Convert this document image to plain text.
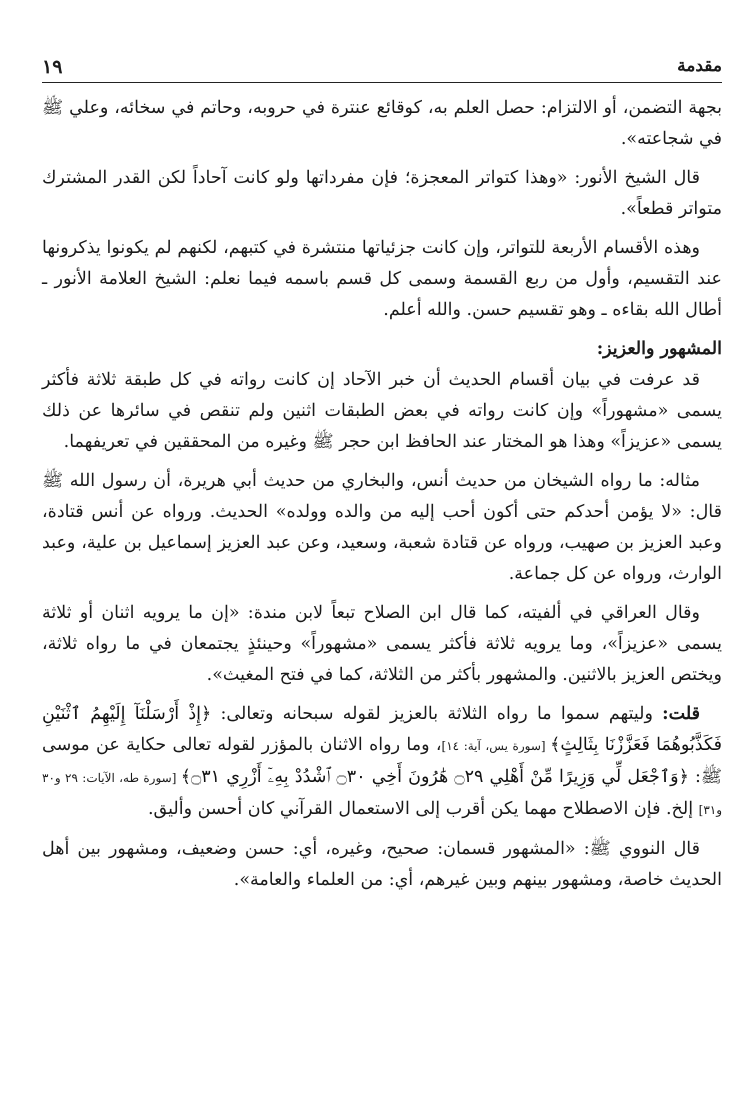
١٩	مقدمة

بجهة التضمن، أو الالتزام: حصل العلم به، كوقائع عنترة في حروبه، وحاتم في سخائه، وعلي ﷺ في شجاعته».

قال الشيخ الأنور: «وهذا كتواتر المعجزة؛ فإن مفرداتها ولو كانت آحاداً لكن القدر المشترك متواتر قطعاً».

وهذه الأقسام الأربعة للتواتر، وإن كانت جزئياتها منتشرة في كتبهم، لكنهم لم يكونوا يذكرونها عند التقسيم، وأول من ربع القسمة وسمى كل قسم باسمه فيما نعلم: الشيخ العلامة الأنور ـ أطال الله بقاءه ـ وهو تقسيم حسن. والله أعلم.

المشهور والعزيز:

قد عرفت في بيان أقسام الحديث أن خبر الآحاد إن كانت رواته في كل طبقة ثلاثة فأكثر يسمى «مشهوراً» وإن كانت رواته في بعض الطبقات اثنين ولم تنقص في سائرها عن ذلك يسمى «عزيزاً» وهذا هو المختار عند الحافظ ابن حجر ﷺ وغيره من المحققين في تعريفهما.

مثاله: ما رواه الشيخان من حديث أنس، والبخاري من حديث أبي هريرة، أن رسول الله ﷺ قال: «لا يؤمن أحدكم حتى أكون أحب إليه من والده وولده» الحديث. ورواه عن أنس قتادة، وعبد العزيز بن صهيب، ورواه عن قتادة شعبة، وسعيد، وعن عبد العزيز إسماعيل بن علية، وعبد الوارث، ورواه عن كل جماعة.

وقال العراقي في ألفيته، كما قال ابن الصلاح تبعاً لابن مندة: «إن ما يرويه اثنان أو ثلاثة يسمى «عزيزاً»، وما يرويه ثلاثة فأكثر يسمى «مشهوراً» وحينئذٍ يجتمعان في ما رواه ثلاثة، ويختص العزيز بالاثنين. والمشهور بأكثر من الثلاثة، كما في فتح المغيث».

قلت: وليتهم سموا ما رواه الثلاثة بالعزيز لقوله سبحانه وتعالى: ﴿إِذْ أَرْسَلْنَآ إِلَيْهِمُ ٱثْنَيْنِ فَكَذَّبُوهُمَا فَعَزَّزْنَا بِثَالِثٍ﴾ [سورة يس، آية: ١٤]، وما رواه الاثنان بالمؤزر لقوله تعالى حكاية عن موسى ﷺ: ﴿وَٱجْعَل لِّي وَزِيرًا مِّنْ أَهْلِي ۝٢٩ هَٰرُونَ أَخِي ۝٣٠ ٱشْدُدْ بِهِۦٓ أَزْرِي ۝٣١﴾ [سورة طه، الآيات: ٢٩ و٣٠ و٣١] إلخ. فإن الاصطلاح مهما يكن أقرب إلى الاستعمال القرآني كان أحسن وأليق.

قال النووي ﷺ: «المشهور قسمان: صحيح، وغيره، أي: حسن وضعيف، ومشهور بين أهل الحديث خاصة، ومشهور بينهم وبين غيرهم، أي: من العلماء والعامة».
